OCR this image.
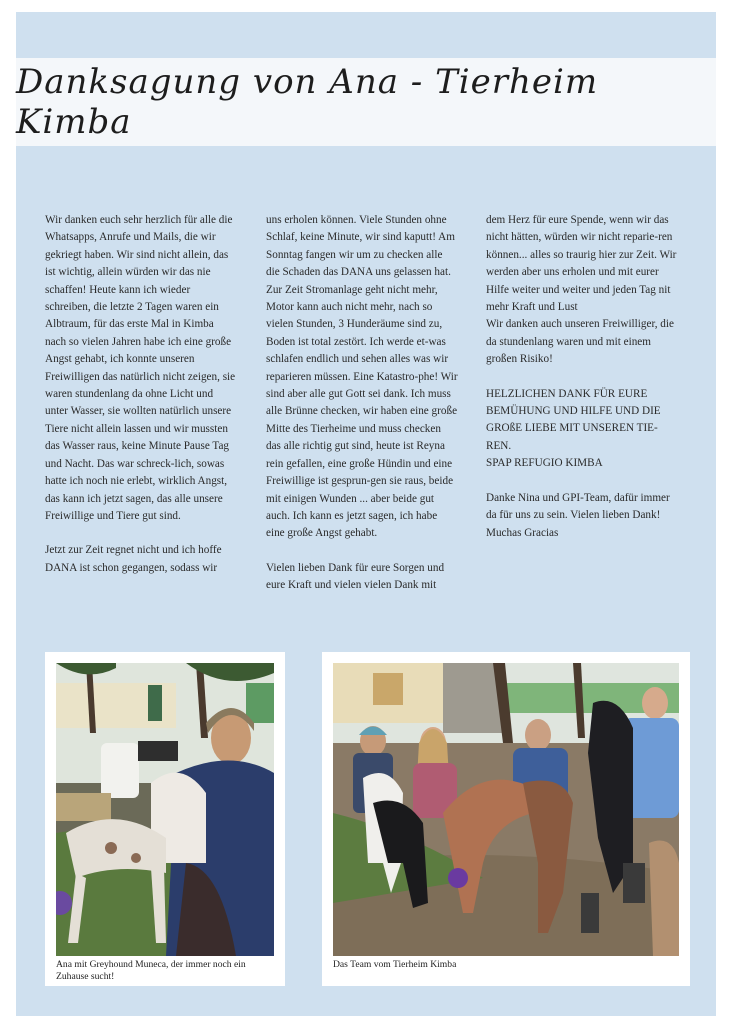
Danksagung von Ana - Tierheim Kimba

Wir danken euch sehr herzlich für alle die Whatsapps, Anrufe und Mails, die wir gekriegt haben. Wir sind nicht allein, das ist wichtig, allein würden wir das nie schaffen! Heute kann ich wieder schreiben, die letzte 2 Tagen waren ein Albtraum, für das erste Mal in Kimba nach so vielen Jahren habe ich eine große Angst gehabt, ich konnte unseren Freiwilligen das natürlich nicht zeigen, sie waren stundenlang da ohne Licht und unter Wasser, sie wollten natürlich unsere Tiere nicht allein lassen und wir mussten das Wasser raus, keine Minute Pause Tag und Nacht. Das war schreck-lich, sowas hatte ich noch nie erlebt, wirklich Angst, das kann ich jetzt sagen, das alle unsere Freiwillige und Tiere gut sind.

Jetzt zur Zeit regnet nicht und ich hoffe DANA ist schon gegangen, sodass wir

uns erholen können. Viele Stunden ohne Schlaf, keine Minute, wir sind kaputt! Am Sonntag fangen wir um zu checken alle die Schaden das DANA uns gelassen hat. Zur Zeit Stromanlage geht nicht mehr, Motor kann auch nicht mehr, nach so vielen Stunden, 3 Hunderäume sind zu, Boden ist total zestört. Ich werde et-was schlafen endlich und sehen alles was wir reparieren müssen. Eine Katastro-phe! Wir sind aber alle gut Gott sei dank. Ich muss alle Brünne checken, wir haben eine große Mitte des Tierheime und muss checken das alle richtig gut sind, heute ist Reyna rein gefallen, eine große Hündin und eine Freiwillige ist gesprun-gen sie raus, beide mit einigen Wunden ... aber beide gut auch. Ich kann es jetzt sagen, ich habe eine große Angst gehabt.

Vielen lieben Dank für eure Sorgen und eure Kraft und vielen vielen Dank mit

dem Herz für eure Spende, wenn wir das nicht hätten, würden wir nicht reparie-ren können... alles so traurig hier zur Zeit. Wir werden aber uns erholen und mit eurer Hilfe weiter und weiter und jeden Tag nit mehr Kraft und Lust
Wir danken auch unseren Freiwilliger, die da stundenlang waren und mit einem großen Risiko!

HELZLICHEN DANK FÜR EURE BEMÜHUNG UND HILFE UND DIE GROßE LIEBE MIT UNSEREN TIE-REN.
SPAP REFUGIO KIMBA

Danke Nina und GPI-Team, dafür immer da für uns zu sein. Vielen lieben Dank! Muchas Gracias

Ana mit Greyhound Muneca, der immer noch ein Zuhause sucht!
Das Team vom Tierheim Kimba
